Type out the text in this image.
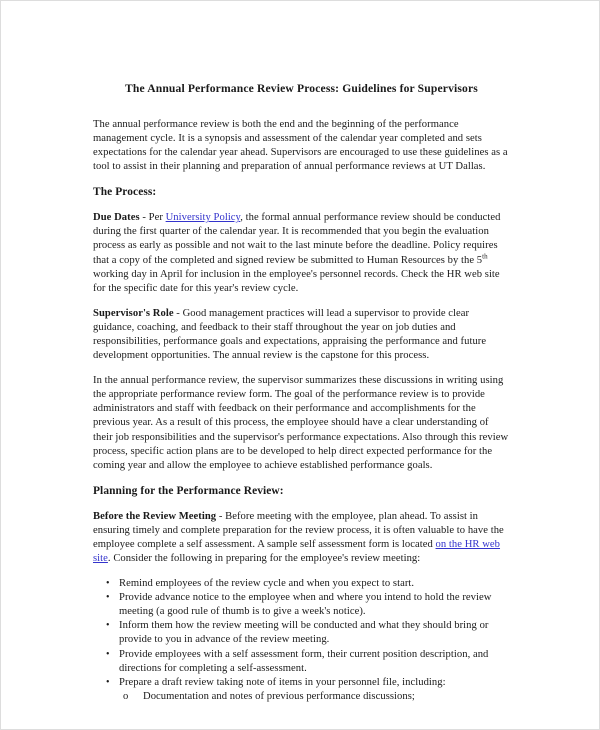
The Annual Performance Review Process: Guidelines for Supervisors

The annual performance review is both the end and the beginning of the performance management cycle. It is a synopsis and assessment of the calendar year completed and sets expectations for the calendar year ahead. Supervisors are encouraged to use these guidelines as a tool to assist in their planning and preparation of annual performance reviews at UT Dallas.

The Process:

Due Dates - Per University Policy, the formal annual performance review should be conducted during the first quarter of the calendar year. It is recommended that you begin the evaluation process as early as possible and not wait to the last minute before the deadline. Policy requires that a copy of the completed and signed review be submitted to Human Resources by the 5th working day in April for inclusion in the employee's personnel records. Check the HR web site for the specific date for this year's review cycle.

Supervisor's Role - Good management practices will lead a supervisor to provide clear guidance, coaching, and feedback to their staff throughout the year on job duties and responsibilities, performance goals and expectations, appraising the performance and future development opportunities. The annual review is the capstone for this process.

In the annual performance review, the supervisor summarizes these discussions in writing using the appropriate performance review form. The goal of the performance review is to provide administrators and staff with feedback on their performance and accomplishments for the previous year. As a result of this process, the employee should have a clear understanding of their job responsibilities and the supervisor's performance expectations. Also through this review process, specific action plans are to be developed to help direct expected performance for the coming year and allow the employee to achieve established performance goals.

Planning for the Performance Review:

Before the Review Meeting - Before meeting with the employee, plan ahead. To assist in ensuring timely and complete preparation for the review process, it is often valuable to have the employee complete a self assessment. A sample self assessment form is located on the HR web site. Consider the following in preparing for the employee's review meeting:

• Remind employees of the review cycle and when you expect to start.
• Provide advance notice to the employee when and where you intend to hold the review meeting (a good rule of thumb is to give a week's notice).
• Inform them how the review meeting will be conducted and what they should bring or provide to you in advance of the review meeting.
• Provide employees with a self assessment form, their current position description, and directions for completing a self-assessment.
• Prepare a draft review taking note of items in your personnel file, including:
o Documentation and notes of previous performance discussions;
